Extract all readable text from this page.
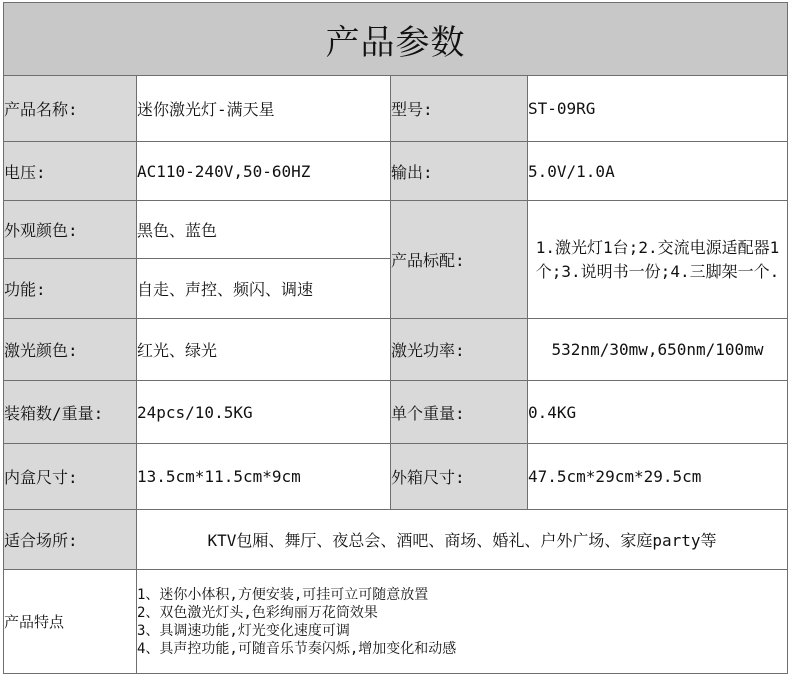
产品参数			
产品名称:	迷你激光灯-满天星	型号:	ST-09RG
电压:	AC110-240V,50-60HZ	输出:	5.0V/1.0A
外观颜色:	黑色、蓝色	产品标配:	1.激光灯1台;2.交流电源适配器1个;3.说明书一份;4.三脚架一个.
功能:	自走、声控、频闪、调速		
激光颜色:	红光、绿光	激光功率:	532nm/30mw,650nm/100mw
装箱数/重量:	24pcs/10.5KG	单个重量:	0.4KG
内盒尺寸:	13.5cm*11.5cm*9cm	外箱尺寸:	47.5cm*29cm*29.5cm
适合场所:	KTV包厢、舞厅、夜总会、酒吧、商场、婚礼、户外广场、家庭party等		
产品特点	1、迷你小体积,方便安装,可挂可立可随意放置
2、双色激光灯头,色彩绚丽万花筒效果
3、具调速功能,灯光变化速度可调
4、具声控功能,可随音乐节奏闪烁,增加变化和动感		
